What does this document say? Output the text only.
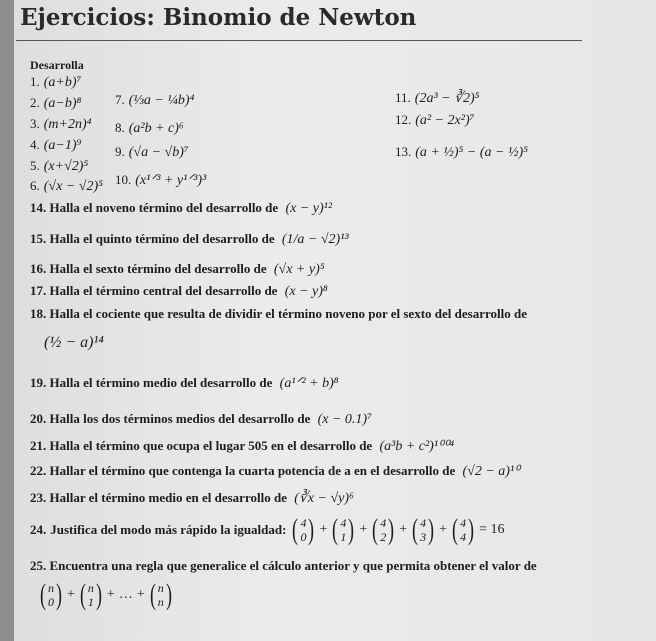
Ejercicios: Binomio de Newton
Desarrolla
1. (a+b)⁷
2. (a−b)⁸
3. (m+2n)⁴
4. (a−1)⁹
5. (x+√2)⁵
6. (√x − √2)⁵
7. (⅓a − ¼b)⁴
8. (a²b + c)⁶
9. (√a − √b)⁷
10. (x¹ᐟ³ + y¹ᐟ³)³
11. (2a³ − ∛2)⁵
12. (a² − 2x²)⁷
13. (a + ½)⁵ − (a − ½)⁵
14. Halla el noveno término del desarrollo de (x − y)¹²
15. Halla el quinto término del desarrollo de (1/a − √2)¹³
16. Halla el sexto término del desarrollo de (√x + y)⁵
17. Halla el término central del desarrollo de (x − y)⁸
18. Halla el cociente que resulta de dividir el término noveno por el sexto del desarrollo de
(½ − a)¹⁴
19. Halla el término medio del desarrollo de (a¹ᐟ² + b)⁸
20. Halla los dos términos medios del desarrollo de (x − 0.1)⁷
21. Halla el término que ocupa el lugar 505 en el desarrollo de (a³b + c²)¹⁰⁰⁴
22. Hallar el término que contenga la cuarta potencia de a en el desarrollo de (√2 − a)¹⁰
23. Hallar el término medio en el desarrollo de (∛x − √y)⁶
24. Justifica del modo más rápido la igualdad: ( 4
0 ) + ( 4
1 ) + ( 4
2 ) + ( 4
3 ) + ( 4
4 ) = 16
25. Encuentra una regla que generalice el cálculo anterior y que permita obtener el valor de
( n
0 ) + ( n
1 ) + … + ( n
n )
